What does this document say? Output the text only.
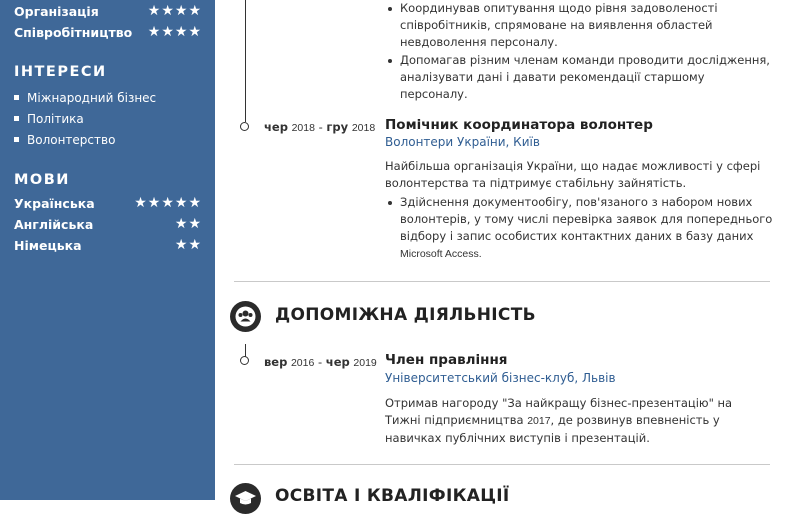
Організація	★★★★
Співробітництво ★★★★
ІНТЕРЕСИ
Міжнародний бізнес
Політика
Волонтерство
МОВИ
Українська	★★★★★
Англійська	★★
Німецька	★★
Координував опитування щодо рівня задоволеності співробітників, спрямоване на виявлення областей невдоволення персоналу.
Допомагав різним членам команди проводити дослідження, аналізувати дані і давати рекомендації старшому персоналу.
чер 2018 - гру 2018 Помічник координатора волонтер
Волонтери України, Київ
Найбільша організація України, що надає можливості у сфері волонтерства та підтримує стабільну зайнятість.
Здійснення документообігу, пов'язаного з набором нових волонтерів, у тому числі перевірка заявок для попереднього відбору і запис особистих контактних даних в базу даних Microsoft Access.
ДОПОМІЖНА ДІЯЛЬНІСТЬ
вер 2016 - чер 2019 Член правління
Університетський бізнес-клуб, Львів
Отримав нагороду "За найкращу бізнес-презентацію" на Тижні підприємництва 2017, де розвинув впевненість у навичках публічних виступів і презентацій.
ОСВІТА І КВАЛІФІКАЦІЇ
